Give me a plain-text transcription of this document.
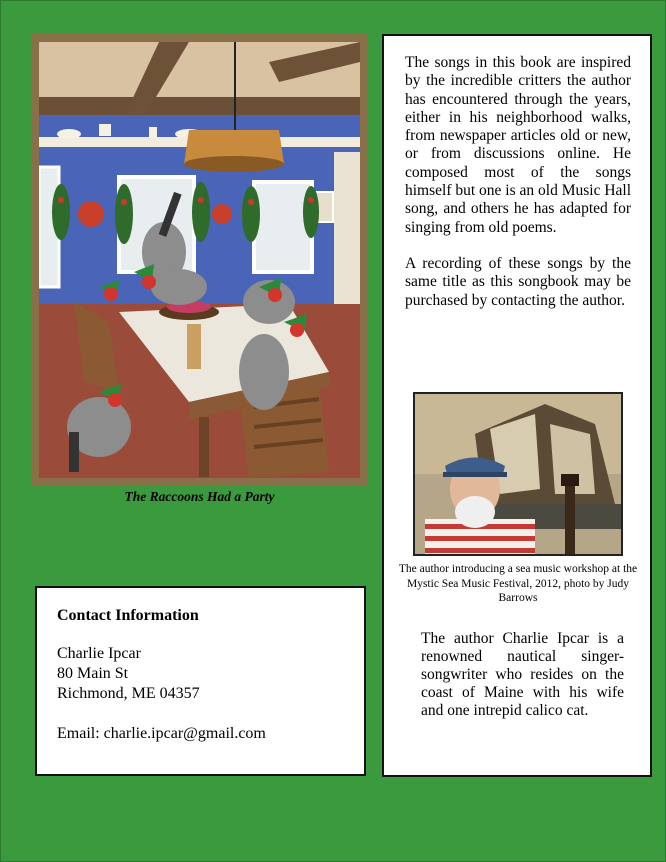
The Raccoons Had a Party
Contact Information
Charlie Ipcar
80 Main St
Richmond, ME 04357
Email: charlie.ipcar@gmail.com

The songs in this book are inspired by the incredible critters the author has encountered through the years, either in his neighborhood walks, from newspaper articles old or new, or from discussions online. He composed most of the songs himself but one is an old Music Hall song, and others he has adapted for singing from old poems.

A recording of these songs by the same title as this songbook may be purchased by contacting the author.

The author introducing a sea music workshop at the Mystic Sea Music Festival, 2012, photo by Judy Barrows
The author Charlie Ipcar is a renowned nautical singer-songwriter who resides on the coast of Maine with his wife and one intrepid calico cat.
